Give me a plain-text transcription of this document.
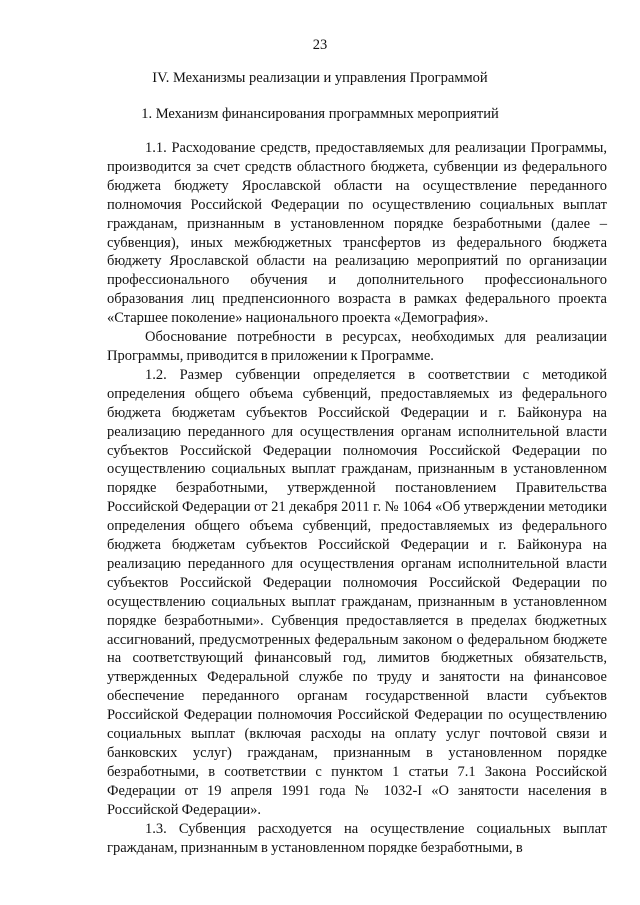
23
IV. Механизмы реализации и управления Программой
1. Механизм финансирования программных мероприятий

1.1. Расходование средств, предоставляемых для реализации Программы, производится за счет средств областного бюджета, субвенции из федерального бюджета бюджету Ярославской области на осуществление переданного полномочия Российской Федерации по осуществлению социальных выплат гражданам, признанным в установленном порядке безработными (далее – субвенция), иных межбюджетных трансфертов из федерального бюджета бюджету Ярославской области на реализацию мероприятий по организации профессионального обучения и дополнительного профессионального образования лиц предпенсионного возраста в рамках федерального проекта «Старшее поколение» национального проекта «Демография».

Обоснование потребности в ресурсах, необходимых для реализации Программы, приводится в приложении к Программе.

1.2. Размер субвенции определяется в соответствии с методикой определения общего объема субвенций, предоставляемых из федерального бюджета бюджетам субъектов Российской Федерации и г. Байконура на реализацию переданного для осуществления органам исполнительной власти субъектов Российской Федерации полномочия Российской Федерации по осуществлению социальных выплат гражданам, признанным в установленном порядке безработными, утвержденной постановлением Правительства Российской Федерации от 21 декабря 2011 г. № 1064 «Об утверждении методики определения общего объема субвенций, предоставляемых из федерального бюджета бюджетам субъектов Российской Федерации и г. Байконура на реализацию переданного для осуществления органам исполнительной власти субъектов Российской Федерации полномочия Российской Федерации по осуществлению социальных выплат гражданам, признанным в установленном порядке безработными». Субвенция предоставляется в пределах бюджетных ассигнований, предусмотренных федеральным законом о федеральном бюджете на соответствующий финансовый год, лимитов бюджетных обязательств, утвержденных Федеральной службе по труду и занятости на финансовое обеспечение переданного органам государственной власти субъектов Российской Федерации полномочия Российской Федерации по осуществлению социальных выплат (включая расходы на оплату услуг почтовой связи и банковских услуг) гражданам, признанным в установленном порядке безработными, в соответствии с пунктом 1 статьи 7.1 Закона Российской Федерации от 19 апреля 1991 года № 1032-I «О занятости населения в Российской Федерации».

1.3. Субвенция расходуется на осуществление социальных выплат гражданам, признанным в установленном порядке безработными, в
